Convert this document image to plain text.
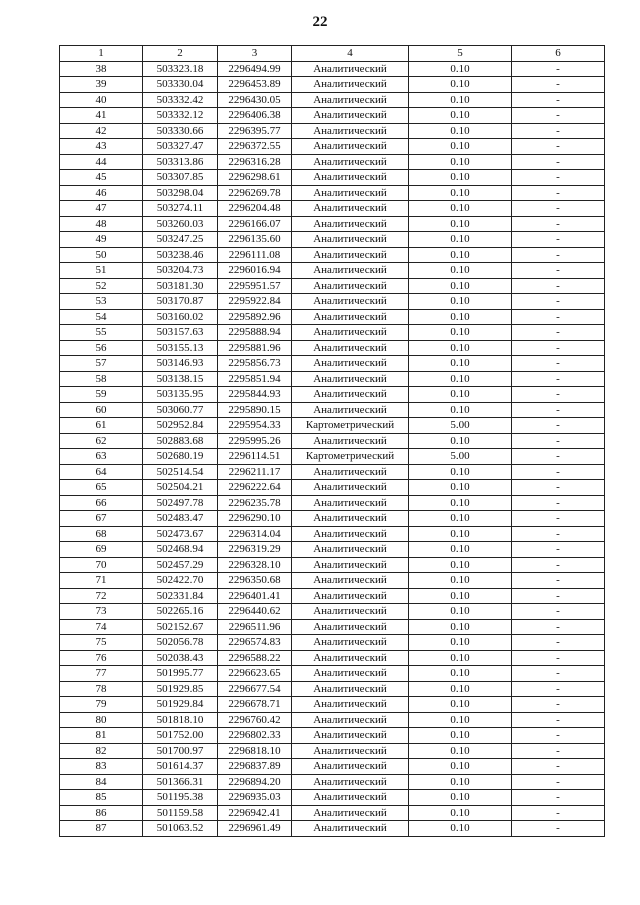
22
1	2	3	4	5	6
38	503323.18	2296494.99	Аналитический	0.10	-
39	503330.04	2296453.89	Аналитический	0.10	-
40	503332.42	2296430.05	Аналитический	0.10	-
41	503332.12	2296406.38	Аналитический	0.10	-
42	503330.66	2296395.77	Аналитический	0.10	-
43	503327.47	2296372.55	Аналитический	0.10	-
44	503313.86	2296316.28	Аналитический	0.10	-
45	503307.85	2296298.61	Аналитический	0.10	-
46	503298.04	2296269.78	Аналитический	0.10	-
47	503274.11	2296204.48	Аналитический	0.10	-
48	503260.03	2296166.07	Аналитический	0.10	-
49	503247.25	2296135.60	Аналитический	0.10	-
50	503238.46	2296111.08	Аналитический	0.10	-
51	503204.73	2296016.94	Аналитический	0.10	-
52	503181.30	2295951.57	Аналитический	0.10	-
53	503170.87	2295922.84	Аналитический	0.10	-
54	503160.02	2295892.96	Аналитический	0.10	-
55	503157.63	2295888.94	Аналитический	0.10	-
56	503155.13	2295881.96	Аналитический	0.10	-
57	503146.93	2295856.73	Аналитический	0.10	-
58	503138.15	2295851.94	Аналитический	0.10	-
59	503135.95	2295844.93	Аналитический	0.10	-
60	503060.77	2295890.15	Аналитический	0.10	-
61	502952.84	2295954.33	Картометрический	5.00	-
62	502883.68	2295995.26	Аналитический	0.10	-
63	502680.19	2296114.51	Картометрический	5.00	-
64	502514.54	2296211.17	Аналитический	0.10	-
65	502504.21	2296222.64	Аналитический	0.10	-
66	502497.78	2296235.78	Аналитический	0.10	-
67	502483.47	2296290.10	Аналитический	0.10	-
68	502473.67	2296314.04	Аналитический	0.10	-
69	502468.94	2296319.29	Аналитический	0.10	-
70	502457.29	2296328.10	Аналитический	0.10	-
71	502422.70	2296350.68	Аналитический	0.10	-
72	502331.84	2296401.41	Аналитический	0.10	-
73	502265.16	2296440.62	Аналитический	0.10	-
74	502152.67	2296511.96	Аналитический	0.10	-
75	502056.78	2296574.83	Аналитический	0.10	-
76	502038.43	2296588.22	Аналитический	0.10	-
77	501995.77	2296623.65	Аналитический	0.10	-
78	501929.85	2296677.54	Аналитический	0.10	-
79	501929.84	2296678.71	Аналитический	0.10	-
80	501818.10	2296760.42	Аналитический	0.10	-
81	501752.00	2296802.33	Аналитический	0.10	-
82	501700.97	2296818.10	Аналитический	0.10	-
83	501614.37	2296837.89	Аналитический	0.10	-
84	501366.31	2296894.20	Аналитический	0.10	-
85	501195.38	2296935.03	Аналитический	0.10	-
86	501159.58	2296942.41	Аналитический	0.10	-
87	501063.52	2296961.49	Аналитический	0.10	-
